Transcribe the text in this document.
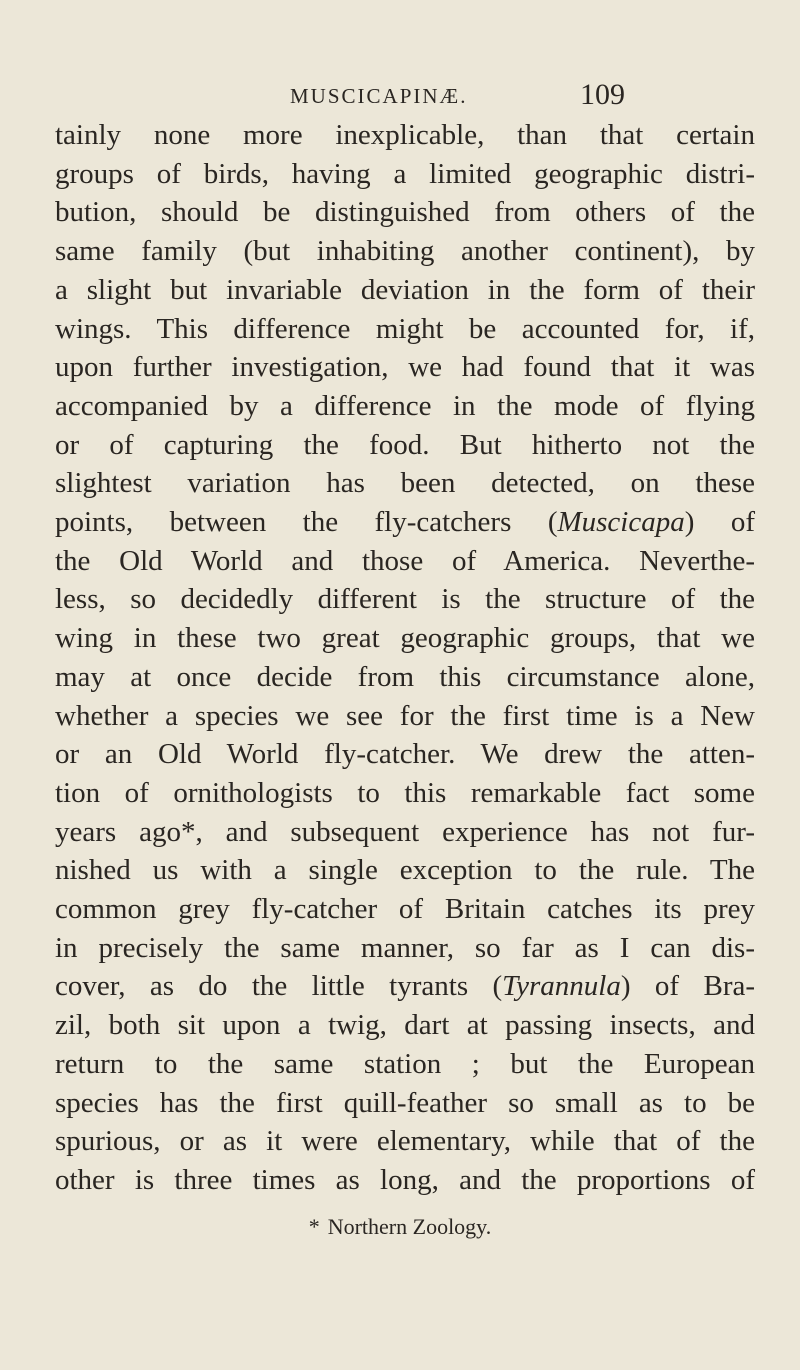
MUSCICAPINÆ.	109
tainly none more inexplicable, than that certain
groups of birds, having a limited geographic distri-
bution, should be distinguished from others of the
same family (but inhabiting another continent), by
a slight but invariable deviation in the form of their
wings. This difference might be accounted for, if,
upon further investigation, we had found that it was
accompanied by a difference in the mode of flying
or of capturing the food. But hitherto not the
slightest variation has been detected, on these
points, between the fly-catchers (Muscicapa) of
the Old World and those of America. Neverthe-
less, so decidedly different is the structure of the
wing in these two great geographic groups, that we
may at once decide from this circumstance alone,
whether a species we see for the first time is a New
or an Old World fly-catcher. We drew the atten-
tion of ornithologists to this remarkable fact some
years ago*, and subsequent experience has not fur-
nished us with a single exception to the rule. The
common grey fly-catcher of Britain catches its prey
in precisely the same manner, so far as I can dis-
cover, as do the little tyrants (Tyrannula) of Bra-
zil, both sit upon a twig, dart at passing insects, and
return to the same station ; but the European
species has the first quill-feather so small as to be
spurious, or as it were elementary, while that of the
other is three times as long, and the proportions of
* Northern Zoology.
